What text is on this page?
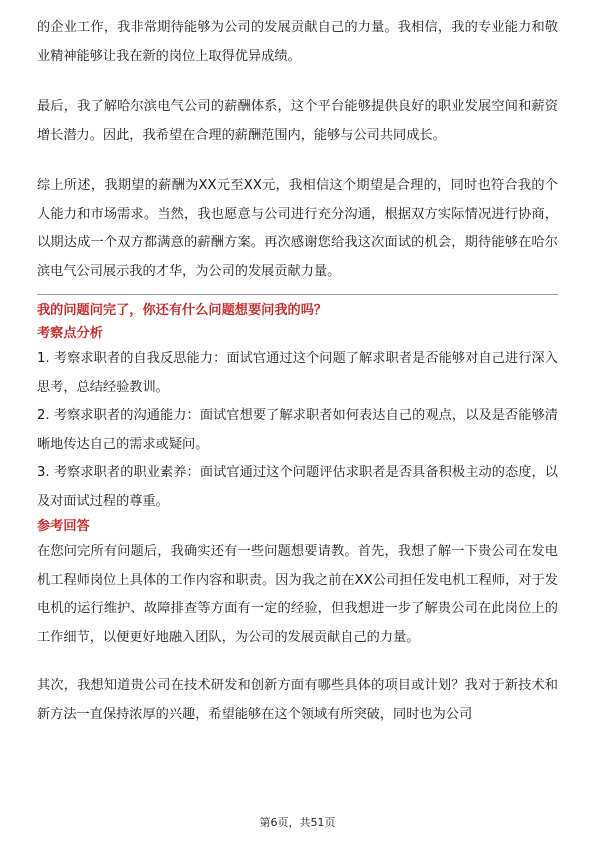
的企业工作，我非常期待能够为公司的发展贡献自己的力量。我相信，我的专业能力和敬业精神能够让我在新的岗位上取得优异成绩。

最后，我了解哈尔滨电气公司的薪酬体系，这个平台能够提供良好的职业发展空间和薪资增长潜力。因此，我希望在合理的薪酬范围内，能够与公司共同成长。

综上所述，我期望的薪酬为XX元至XX元，我相信这个期望是合理的，同时也符合我的个人能力和市场需求。当然，我也愿意与公司进行充分沟通，根据双方实际情况进行协商，以期达成一个双方都满意的薪酬方案。再次感谢您给我这次面试的机会，期待能够在哈尔滨电气公司展示我的才华，为公司的发展贡献力量。

我的问题问完了，你还有什么问题想要问我的吗？
考察点分析

1. 考察求职者的自我反思能力：面试官通过这个问题了解求职者是否能够对自己进行深入思考，总结经验教训。

2. 考察求职者的沟通能力：面试官想要了解求职者如何表达自己的观点，以及是否能够清晰地传达自己的需求或疑问。

3. 考察求职者的职业素养：面试官通过这个问题评估求职者是否具备积极主动的态度，以及对面试过程的尊重。

参考回答

在您问完所有问题后，我确实还有一些问题想要请教。首先，我想了解一下贵公司在发电机工程师岗位上具体的工作内容和职责。因为我之前在XX公司担任发电机工程师，对于发电机的运行维护、故障排查等方面有一定的经验，但我想进一步了解贵公司在此岗位上的工作细节，以便更好地融入团队，为公司的发展贡献自己的力量。

其次，我想知道贵公司在技术研发和创新方面有哪些具体的项目或计划？我对于新技术和新方法一直保持浓厚的兴趣，希望能够在这个领域有所突破，同时也为公司

第6页，共51页
